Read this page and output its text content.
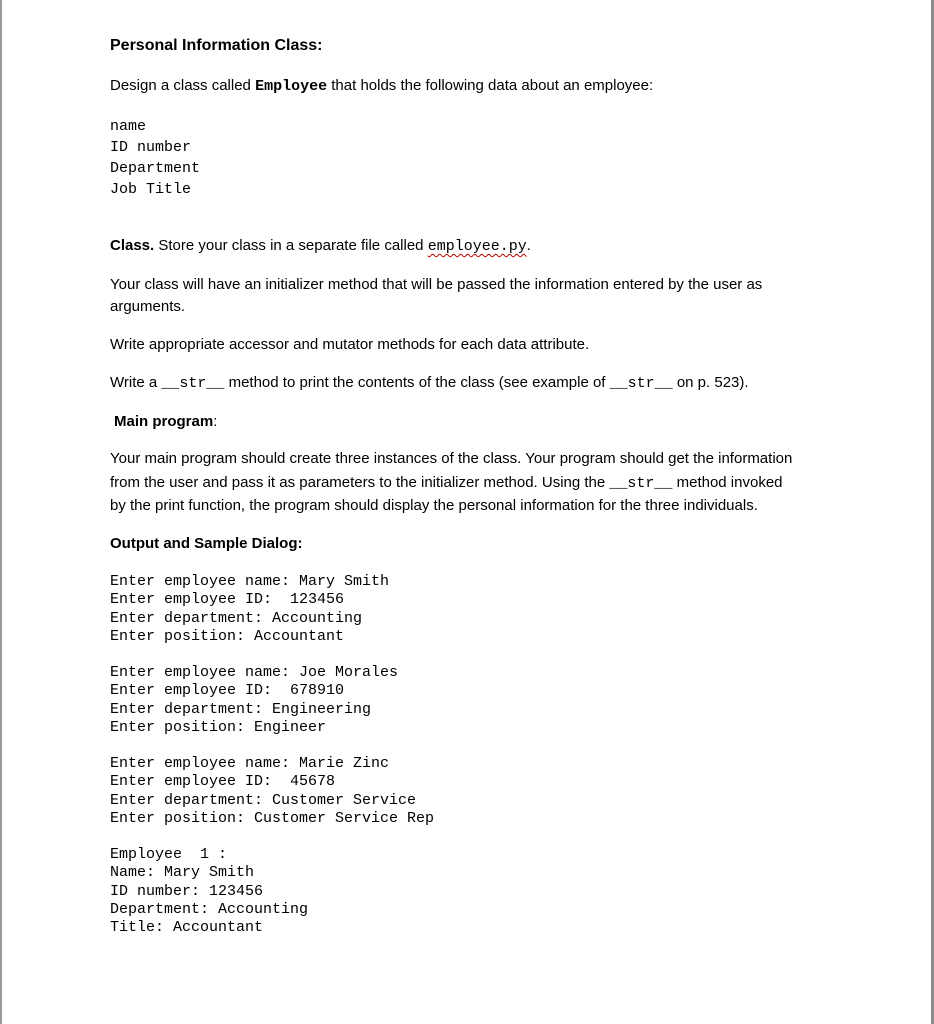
Personal Information Class:
Design a class called Employee that holds the following data about an employee:
name
ID number
Department
Job Title
Class. Store your class in a separate file called employee.py.
Your class will have an initializer method that will be passed the information entered by the user as
arguments.
Write appropriate accessor and mutator methods for each data attribute.
Write a __str__ method to print the contents of the class (see example of __str__ on p. 523).
Main program:
Your main program should create three instances of the class. Your program should get the information
from the user and pass it as parameters to the initializer method. Using the __str__ method invoked
by the print function, the program should display the personal information for the three individuals.
Output and Sample Dialog:
Enter employee name: Mary Smith
Enter employee ID:  123456
Enter department: Accounting
Enter position: Accountant
Enter employee name: Joe Morales
Enter employee ID:  678910
Enter department: Engineering
Enter position: Engineer
Enter employee name: Marie Zinc
Enter employee ID:  45678
Enter department: Customer Service
Enter position: Customer Service Rep
Employee  1 :
Name: Mary Smith
ID number: 123456
Department: Accounting
Title: Accountant
